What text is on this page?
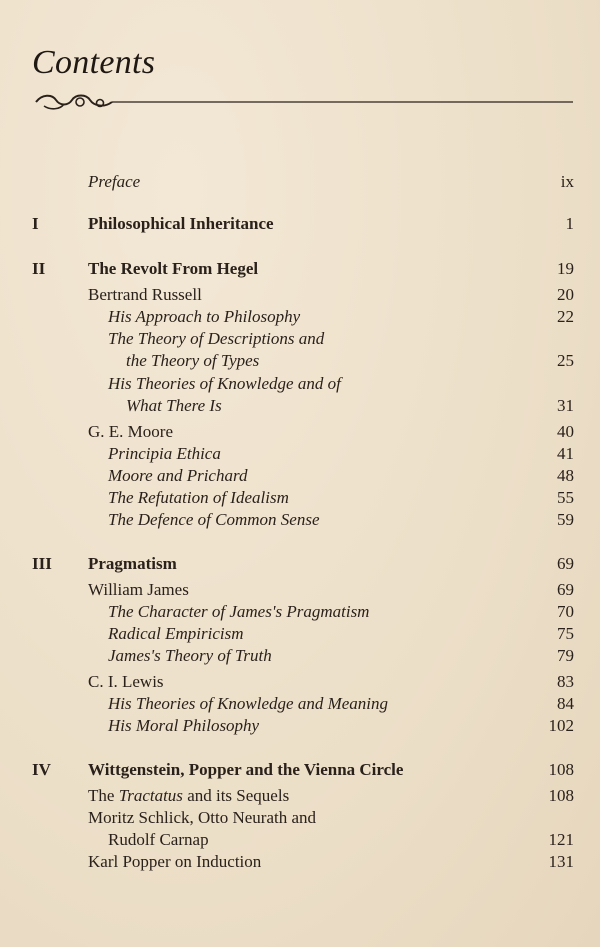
Contents
Preface	ix
I	Philosophical Inheritance	1
II	The Revolt From Hegel	19
Bertrand Russell	20
His Approach to Philosophy	22
The Theory of Descriptions and
the Theory of Types	25
His Theories of Knowledge and of
What There Is	31
G. E. Moore	40
Principia Ethica	41
Moore and Prichard	48
The Refutation of Idealism	55
The Defence of Common Sense	59
III Pragmatism	69
William James	69
The Character of James's Pragmatism	70
Radical Empiricism	75
James's Theory of Truth	79
C. I. Lewis	83
His Theories of Knowledge and Meaning	84
His Moral Philosophy	102
IV Wittgenstein, Popper and the Vienna Circle	108
The Tractatus and its Sequels	108
Moritz Schlick, Otto Neurath and
Rudolf Carnap	121
Karl Popper on Induction	131
